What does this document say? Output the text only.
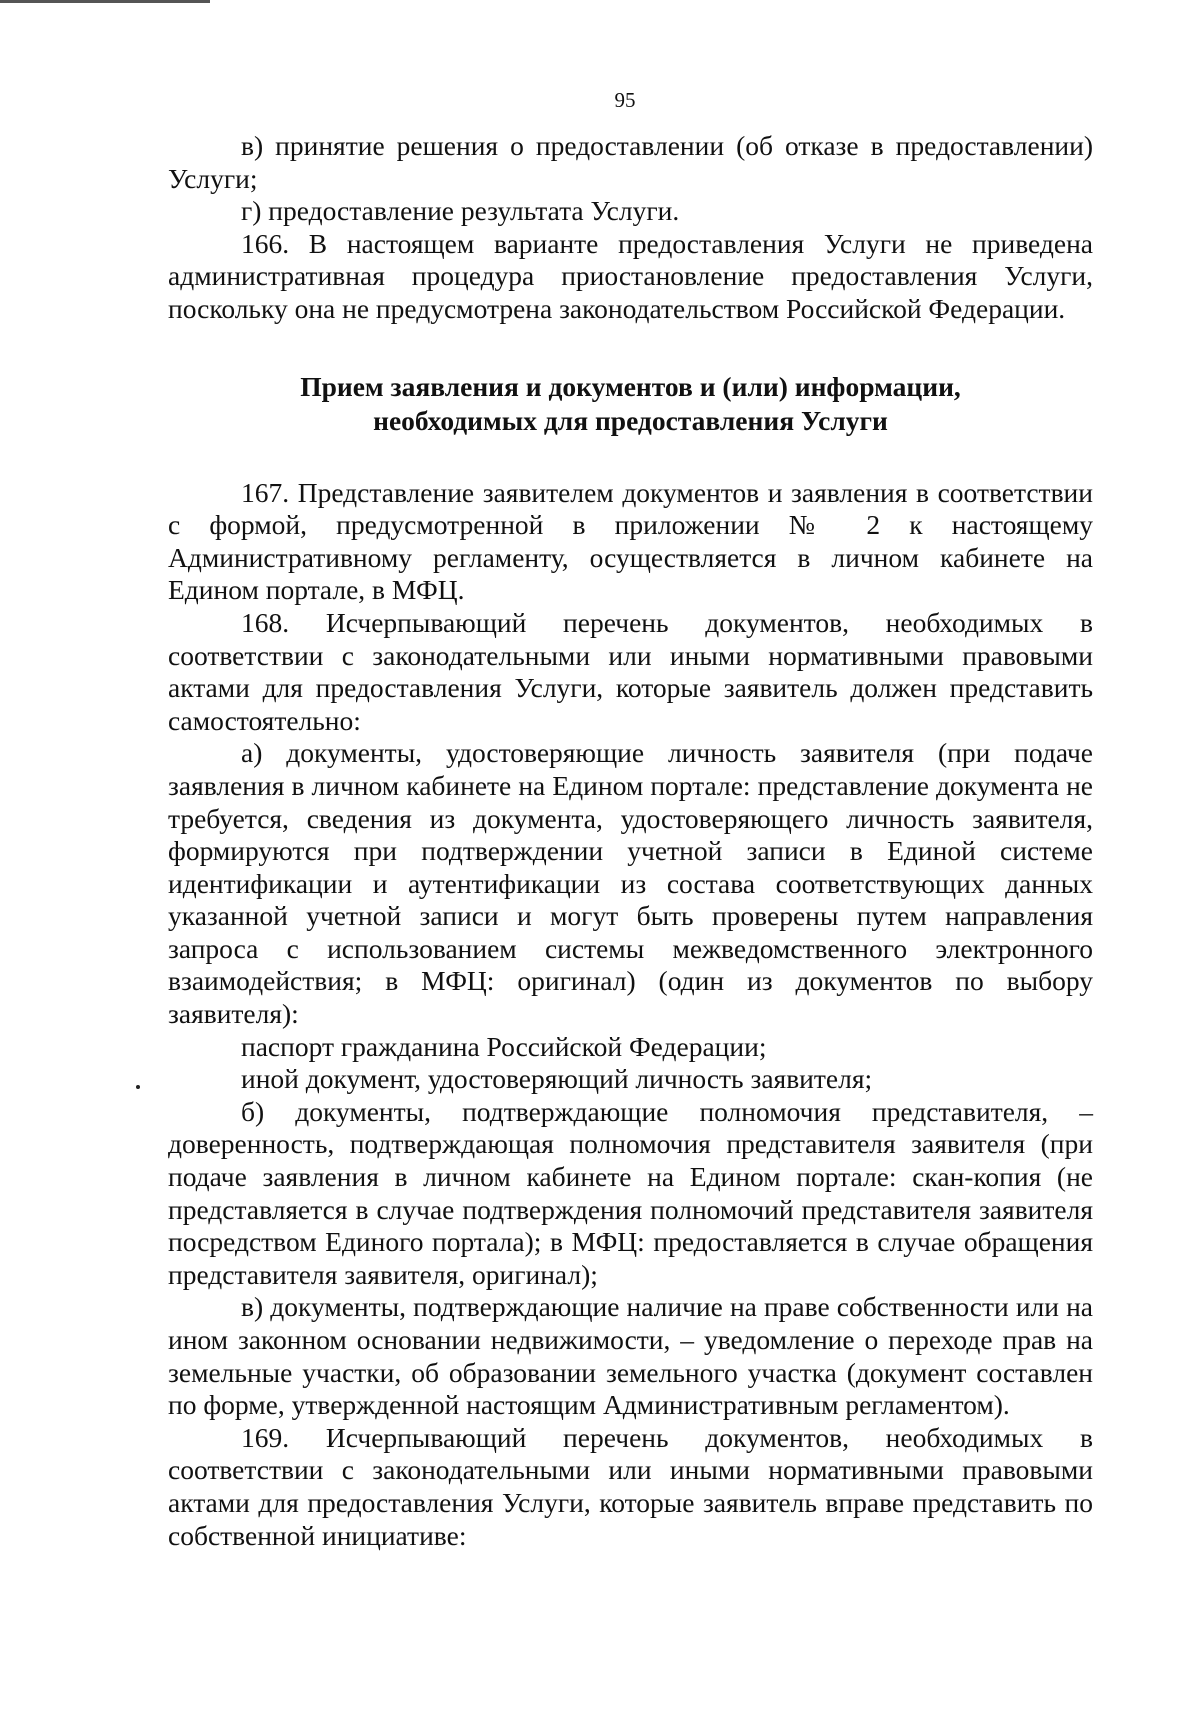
95

в) принятие решения о предоставлении (об отказе в предоставлении) Услуги;

г) предоставление результата Услуги.

166. В настоящем варианте предоставления Услуги не приведена административная процедура приостановление предоставления Услуги, поскольку она не предусмотрена законодательством Российской Федерации.

Прием заявления и документов и (или) информации,
необходимых для предоставления Услуги

167. Представление заявителем документов и заявления в соответствии с формой, предусмотренной в приложении № 2 к настоящему Административному регламенту, осуществляется в личном кабинете на Едином портале, в МФЦ.

168. Исчерпывающий перечень документов, необходимых в соответствии с законодательными или иными нормативными правовыми актами для предоставления Услуги, которые заявитель должен представить самостоятельно:

а) документы, удостоверяющие личность заявителя (при подаче заявления в личном кабинете на Едином портале: представление документа не требуется, сведения из документа, удостоверяющего личность заявителя, формируются при подтверждении учетной записи в Единой системе идентификации и аутентификации из состава соответствующих данных указанной учетной записи и могут быть проверены путем направления запроса с использованием системы межведомственного электронного взаимодействия; в МФЦ: оригинал) (один из документов по выбору заявителя):

паспорт гражданина Российской Федерации;

иной документ, удостоверяющий личность заявителя;

б) документы, подтверждающие полномочия представителя, – доверенность, подтверждающая полномочия представителя заявителя (при подаче заявления в личном кабинете на Едином портале: скан-копия (не представляется в случае подтверждения полномочий представителя заявителя посредством Единого портала); в МФЦ: предоставляется в случае обращения представителя заявителя, оригинал);

в) документы, подтверждающие наличие на праве собственности или на ином законном основании недвижимости, – уведомление о переходе прав на земельные участки, об образовании земельного участка (документ составлен по форме, утвержденной настоящим Административным регламентом).

169. Исчерпывающий перечень документов, необходимых в соответствии с законодательными или иными нормативными правовыми актами для предоставления Услуги, которые заявитель вправе представить по собственной инициативе:
